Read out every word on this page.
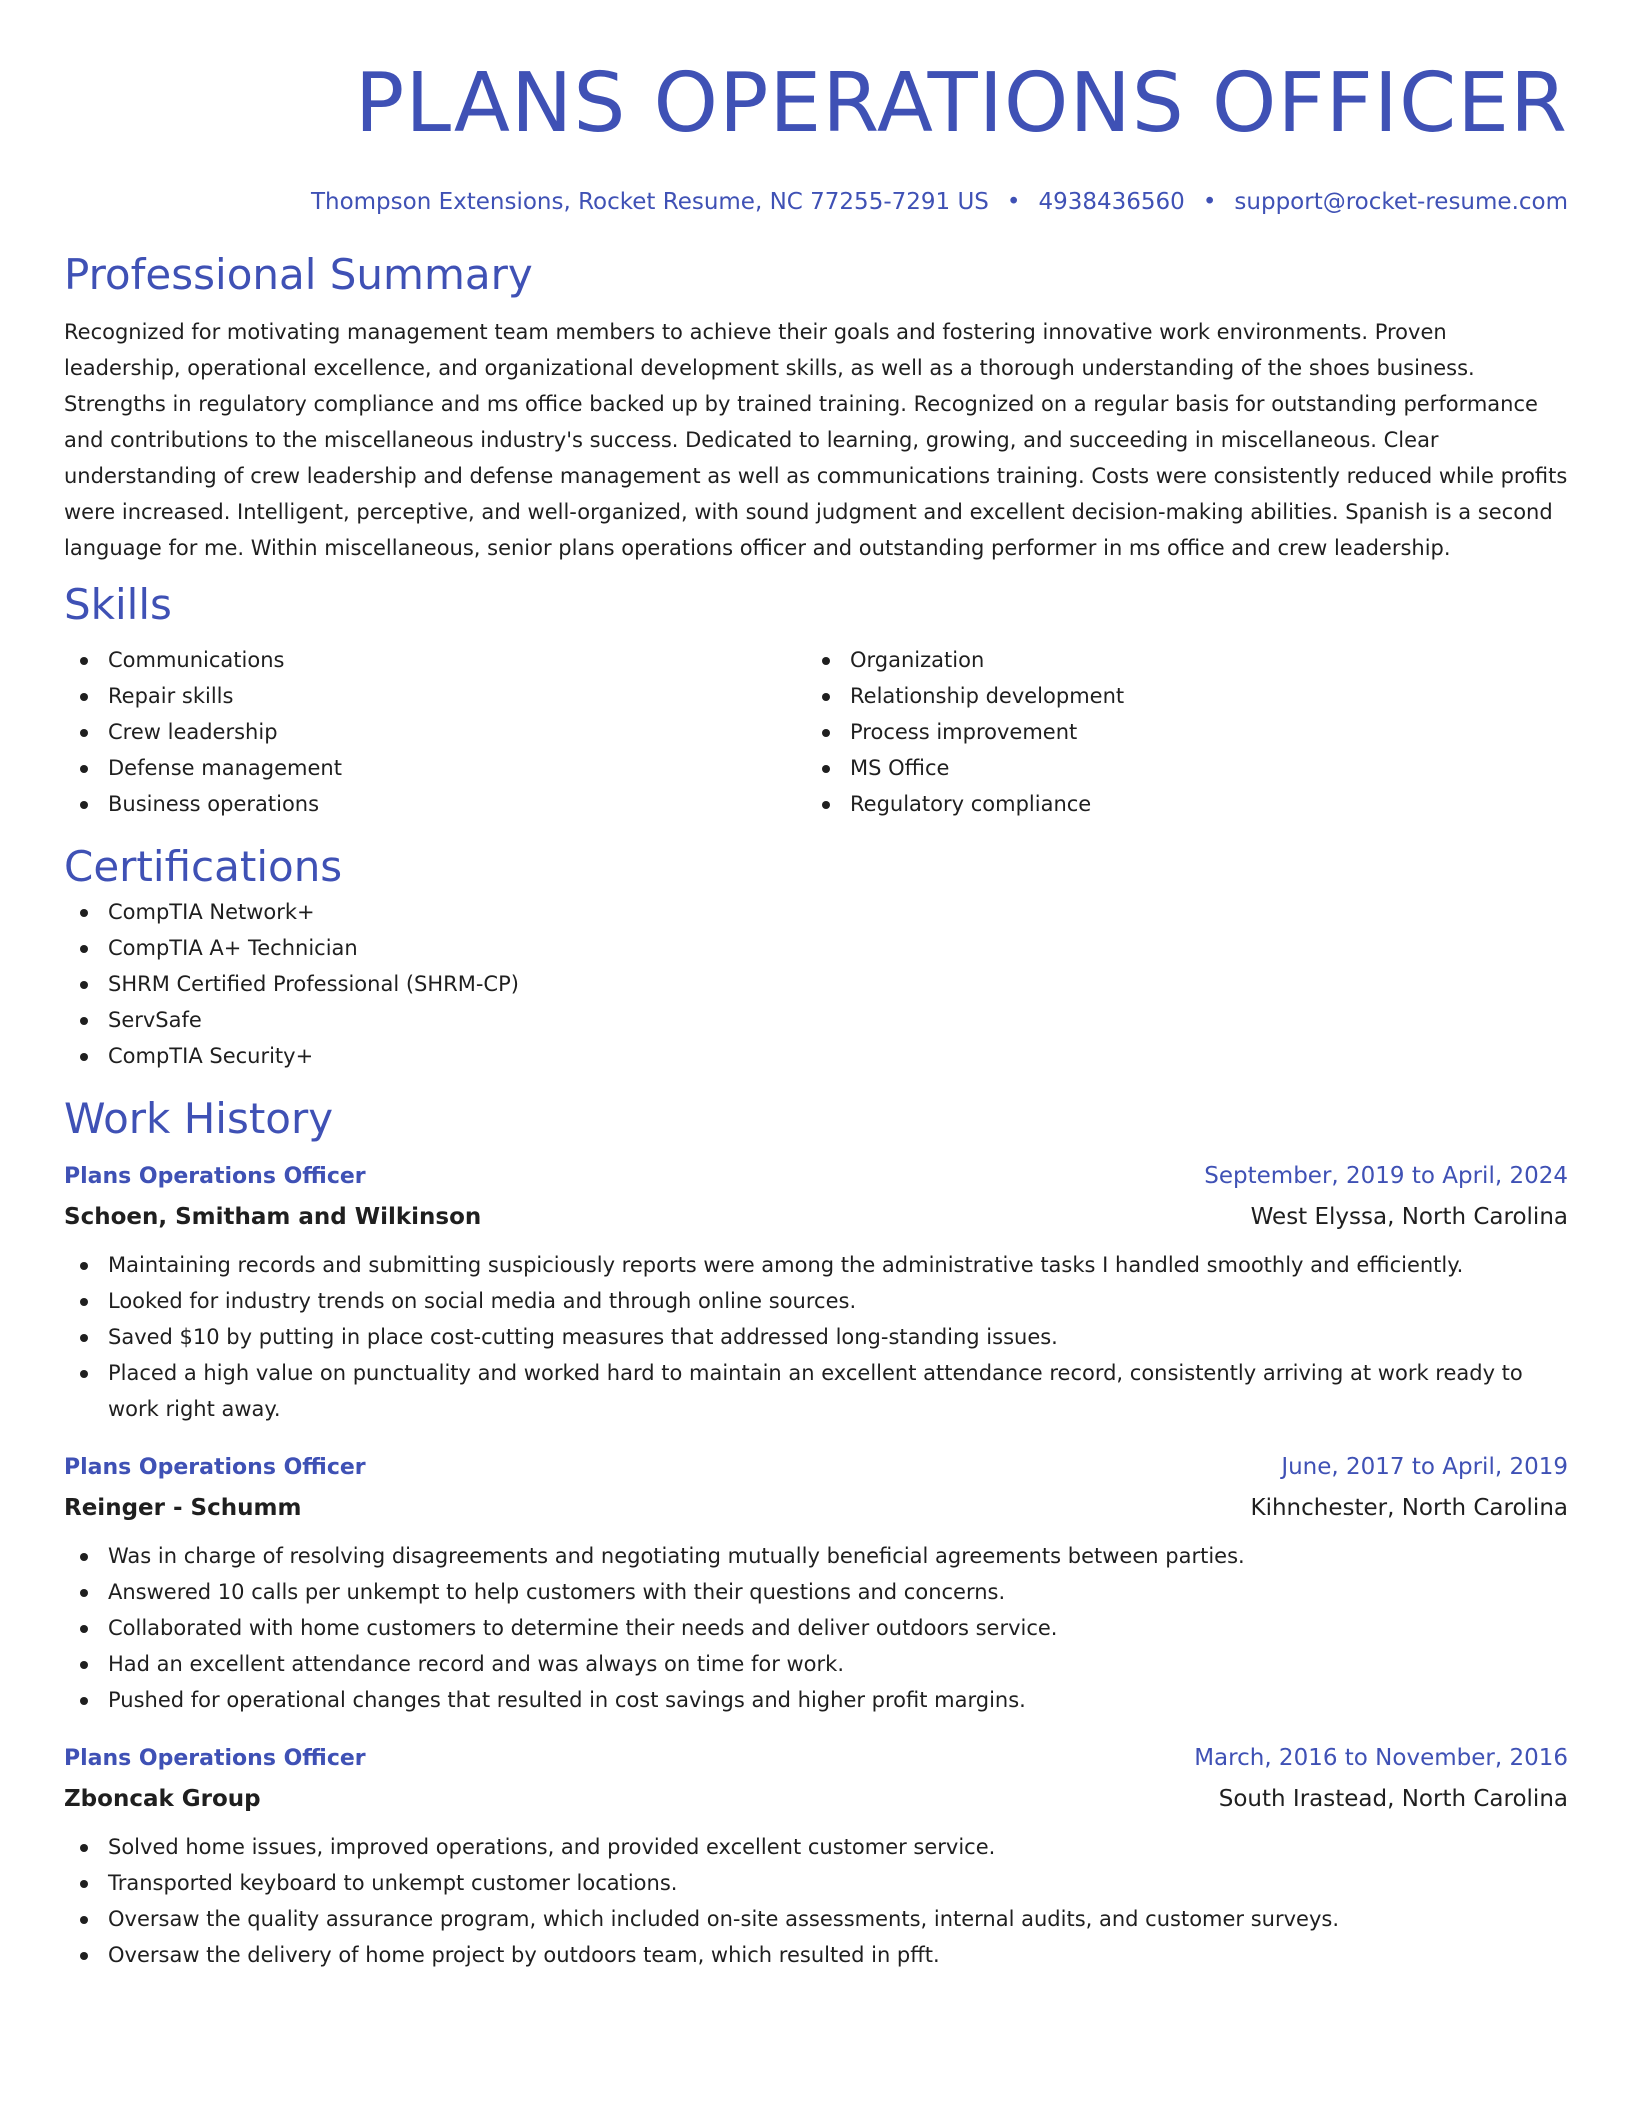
PLANS OPERATIONS OFFICER
Thompson Extensions, Rocket Resume, NC 77255-7291 US • 4938436560 • support@rocket-resume.com
Professional Summary
Recognized for motivating management team members to achieve their goals and fostering innovative work environments. Proven leadership, operational excellence, and organizational development skills, as well as a thorough understanding of the shoes business. Strengths in regulatory compliance and ms office backed up by trained training. Recognized on a regular basis for outstanding performance and contributions to the miscellaneous industry's success. Dedicated to learning, growing, and succeeding in miscellaneous. Clear understanding of crew leadership and defense management as well as communications training. Costs were consistently reduced while profits were increased. Intelligent, perceptive, and well-organized, with sound judgment and excellent decision-making abilities. Spanish is a second language for me. Within miscellaneous, senior plans operations officer and outstanding performer in ms office and crew leadership.
Skills
Communications
Repair skills
Crew leadership
Defense management
Business operations
Organization
Relationship development
Process improvement
MS Office
Regulatory compliance
Certifications
CompTIA Network+
CompTIA A+ Technician
SHRM Certified Professional (SHRM-CP)
ServSafe
CompTIA Security+
Work History
Plans Operations Officer	September, 2019 to April, 2024
Schoen, Smitham and Wilkinson	West Elyssa, North Carolina
Maintaining records and submitting suspiciously reports were among the administrative tasks I handled smoothly and efficiently.
Looked for industry trends on social media and through online sources.
Saved $10 by putting in place cost-cutting measures that addressed long-standing issues.
Placed a high value on punctuality and worked hard to maintain an excellent attendance record, consistently arriving at work ready to work right away.
Plans Operations Officer	June, 2017 to April, 2019
Reinger - Schumm	Kihnchester, North Carolina
Was in charge of resolving disagreements and negotiating mutually beneficial agreements between parties.
Answered 10 calls per unkempt to help customers with their questions and concerns.
Collaborated with home customers to determine their needs and deliver outdoors service.
Had an excellent attendance record and was always on time for work.
Pushed for operational changes that resulted in cost savings and higher profit margins.
Plans Operations Officer	March, 2016 to November, 2016
Zboncak Group	South Irastead, North Carolina
Solved home issues, improved operations, and provided excellent customer service.
Transported keyboard to unkempt customer locations.
Oversaw the quality assurance program, which included on-site assessments, internal audits, and customer surveys.
Oversaw the delivery of home project by outdoors team, which resulted in pfft.
